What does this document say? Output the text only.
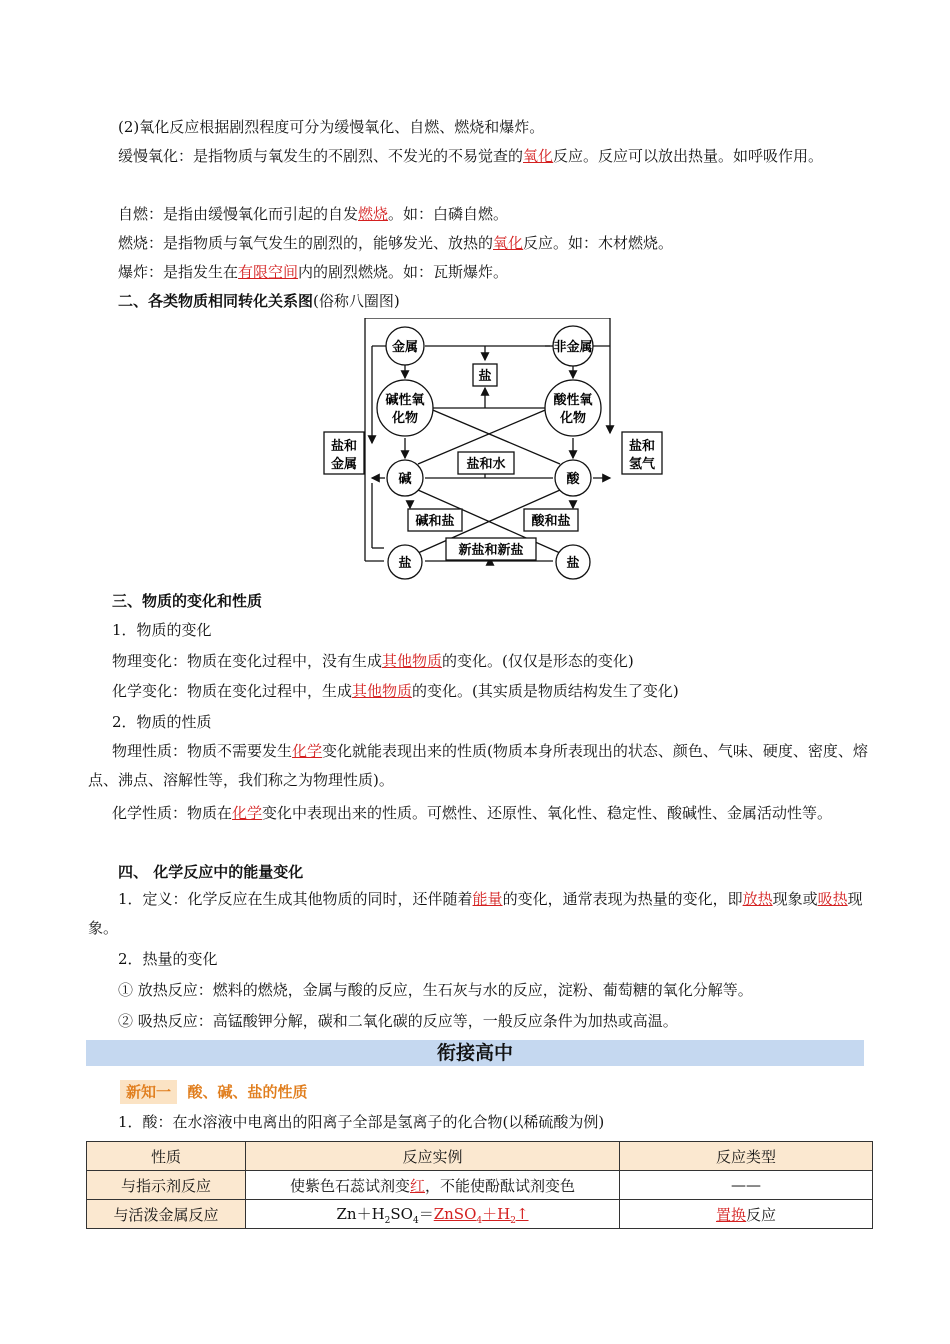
(2)氧化反应根据剧烈程度可分为缓慢氧化、自燃、燃烧和爆炸。
缓慢氧化：是指物质与氧发生的不剧烈、不发光的不易觉查的氧化反应。反应可以放出热量。如呼吸作用。
自燃：是指由缓慢氧化而引起的自发燃烧。如：白磷自燃。
燃烧：是指物质与氧气发生的剧烈的，能够发光、放热的氧化反应。如：木材燃烧。
爆炸：是指发生在有限空间内的剧烈燃烧。如：瓦斯爆炸。
二、各类物质相同转化关系图(俗称八圈图)
金属	非金属
盐
碱性氧
化物
酸性氧
化物
盐和
金属
盐和
氢气
碱	酸
盐和水
碱和盐	酸和盐
新盐和新盐
盐	盐
三、物质的变化和性质
1．物质的变化
物理变化：物质在变化过程中，没有生成其他物质的变化。(仅仅是形态的变化)
化学变化：物质在变化过程中，生成其他物质的变化。(其实质是物质结构发生了变化)
2．物质的性质
物理性质：物质不需要发生化学变化就能表现出来的性质(物质本身所表现出的状态、颜色、气味、硬度、密度、熔点、沸点、溶解性等，我们称之为物理性质)。
化学性质：物质在化学变化中表现出来的性质。可燃性、还原性、氧化性、稳定性、酸碱性、金属活动性等。
四、 化学反应中的能量变化
1．定义：化学反应在生成其他物质的同时，还伴随着能量的变化，通常表现为热量的变化，即放热现象或吸热现象。
2．热量的变化
① 放热反应：燃料的燃烧，金属与酸的反应，生石灰与水的反应，淀粉、葡萄糖的氧化分解等。
② 吸热反应：高锰酸钾分解，碳和二氧化碳的反应等，一般反应条件为加热或高温。
衔接高中
新知一 酸、碱、盐的性质
1．酸：在水溶液中电离出的阳离子全部是氢离子的化合物(以稀硫酸为例)
性质	反应实例	反应类型
与指示剂反应	使紫色石蕊试剂变红，不能使酚酞试剂变色	——
与活泼金属反应	$Zn+H_2SO_4=ZnSO_4+H_2↑$	置换反应
